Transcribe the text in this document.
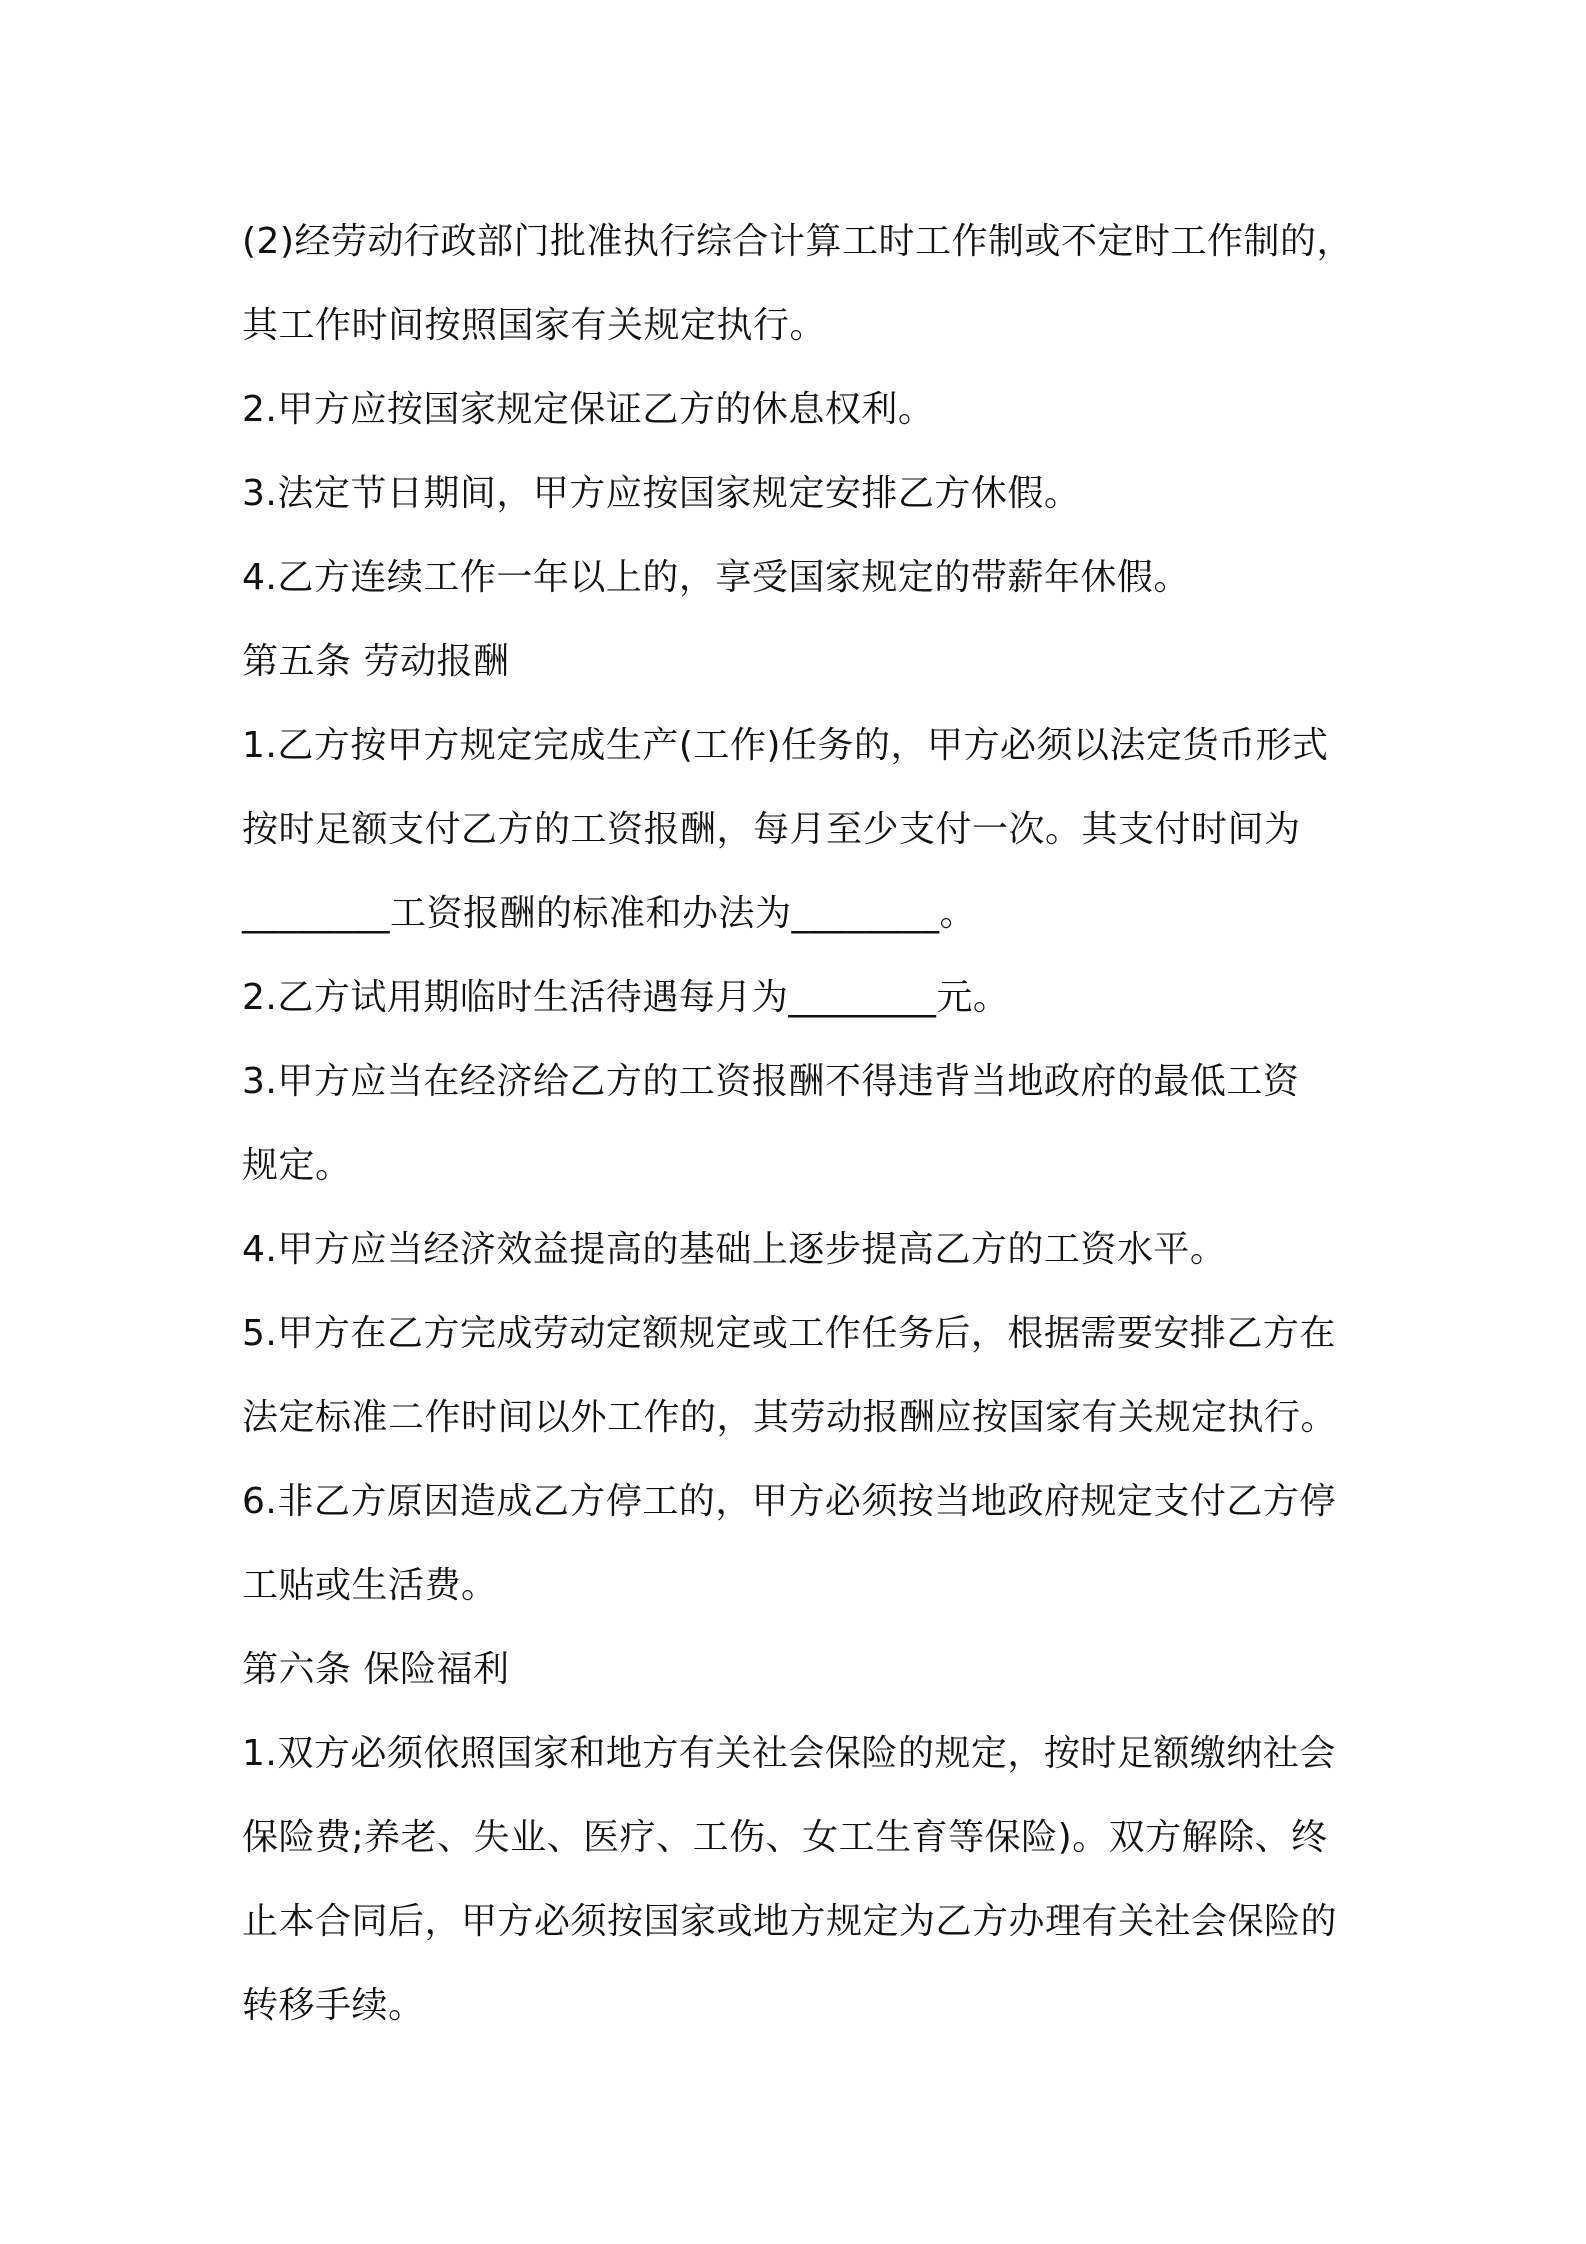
(2)经劳动行政部门批准执行综合计算工时工作制或不定时工作制的，
其工作时间按照国家有关规定执行。
2.甲方应按国家规定保证乙方的休息权利。
3.法定节日期间，甲方应按国家规定安排乙方休假。
4.乙方连续工作一年以上的，享受国家规定的带薪年休假。
第五条 劳动报酬
1.乙方按甲方规定完成生产(工作)任务的，甲方必须以法定货币形式
按时足额支付乙方的工资报酬，每月至少支付一次。其支付时间为
________工资报酬的标准和办法为________。
2.乙方试用期临时生活待遇每月为________元。
3.甲方应当在经济给乙方的工资报酬不得违背当地政府的最低工资
规定。
4.甲方应当经济效益提高的基础上逐步提高乙方的工资水平。
5.甲方在乙方完成劳动定额规定或工作任务后，根据需要安排乙方在
法定标准二作时间以外工作的，其劳动报酬应按国家有关规定执行。
6.非乙方原因造成乙方停工的，甲方必须按当地政府规定支付乙方停
工贴或生活费。
第六条 保险福利
1.双方必须依照国家和地方有关社会保险的规定，按时足额缴纳社会
保险费;养老、失业、医疗、工伤、女工生育等保险)。双方解除、终
止本合同后，甲方必须按国家或地方规定为乙方办理有关社会保险的
转移手续。
